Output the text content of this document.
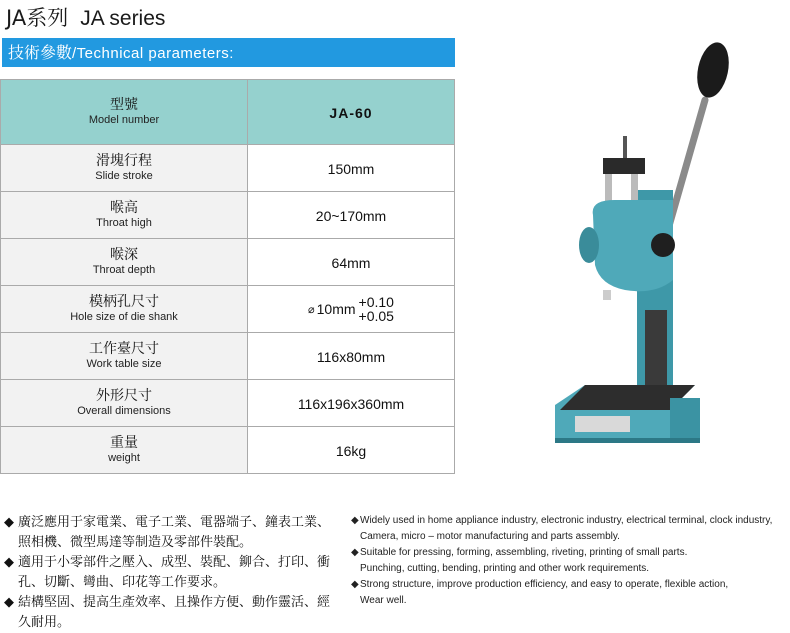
JA系列 JA series
技術參數/Technical parameters:
型號
Model number	JA-60

滑塊行程
Slide stroke	150mm

喉高
Throat high	20~170mm

喉深
Throat depth	64mm

模柄孔尺寸
Hole size of die shank	⌀ 10mm +0.10
+0.05

工作臺尺寸
Work table size	116x80mm

外形尺寸
Overall dimensions	116x196x360mm

重量
weight	16kg

◆ 廣泛應用于家電業、電子工業、電器端子、鐘表工業、照相機、微型馬達等制造及零部件裝配。

◆ 適用于小零部件之壓入、成型、裝配、鉚合、打印、衝孔、切斷、彎曲、印花等工作要求。

◆ 結構堅固、提高生產效率、且操作方便、動作靈活、經久耐用。

◆Widely used in home appliance industry, electronic industry, electrical terminal, clock industry,
Camera, micro – motor manufacturing and parts assembly.
◆Suitable for pressing, forming, assembling, riveting, printing of small parts.
Punching, cutting, bending, printing and other work requirements.
◆Strong structure, improve production efficiency, and easy to operate, flexible action,
Wear well.
